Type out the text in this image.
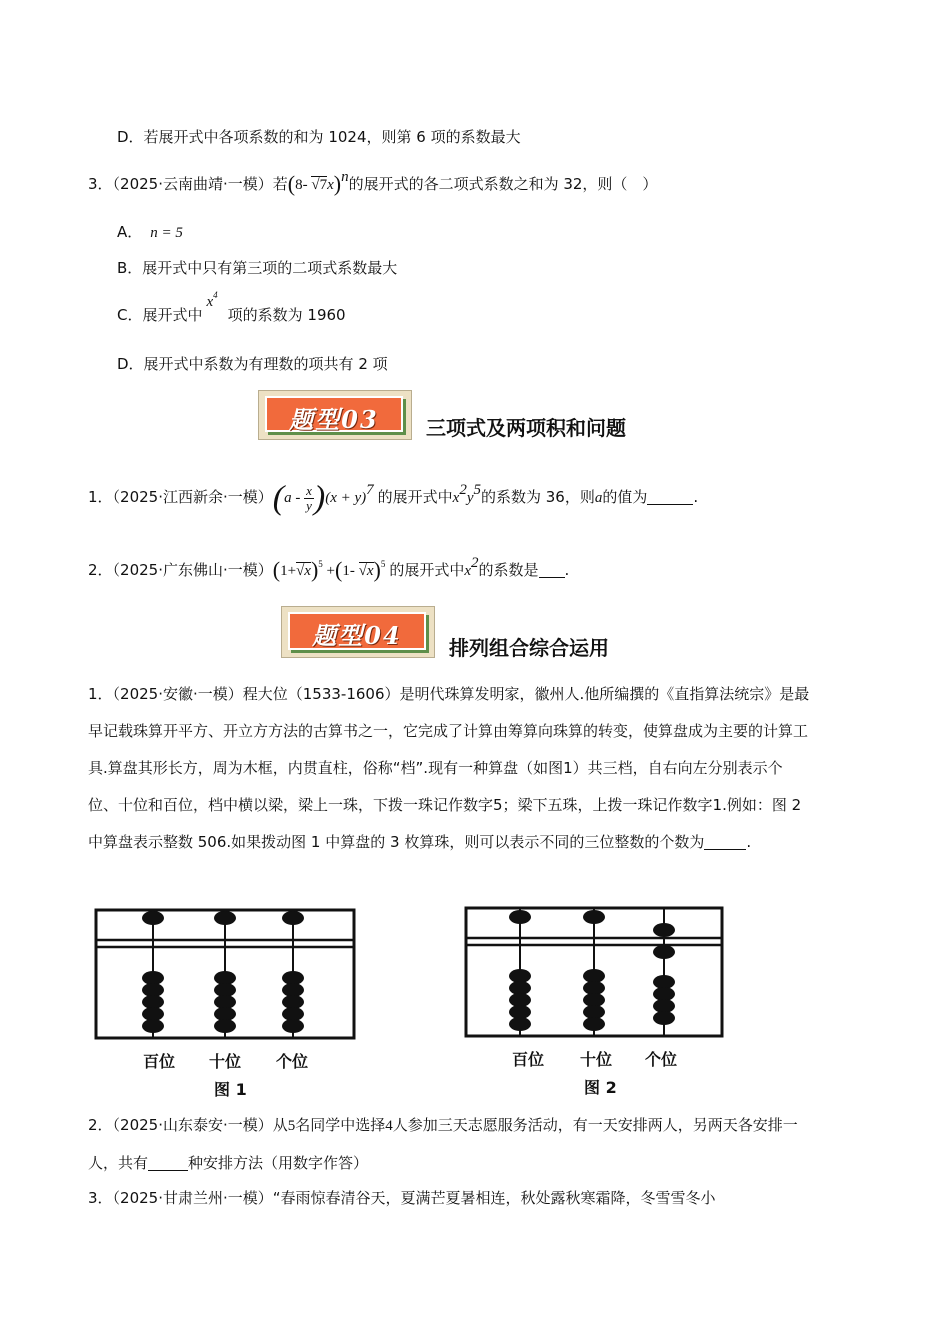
D．若展开式中各项系数的和为 1024，则第 6 项的系数最大
3．（2025·云南曲靖·一模）若(8- √7x)$^n$的展开式的各二项式系数之和为 32，则（　）
A． n = 5
B．展开式中只有第三项的二项式系数最大
C．展开式中$x^4$项的系数为 1960
D．展开式中系数为有理数的项共有 2 项
题型03	三项式及两项积和问题
1．（2025·江西新余·一模）$(a - \frac{x}{y} )(x + y)^7$ 的展开式中$x^2y^5$的系数为 36，则a的值为	.
2．（2025·广东佛山·一模）$(1+√x)^5 +(1-$ √x)$^5$ 的展开式中$x^2$的系数是 .
题型04	排列组合综合运用
1．（2025·安徽·一模）程大位（1533-1606）是明代珠算发明家，徽州人.他所编撰的《直指算法统宗》是最早记载珠算开平方、开立方方法的古算书之一，它完成了计算由筹算向珠算的转变，使算盘成为主要的计算工具.算盘其形长方，周为木框，内贯直柱，俗称“档”.现有一种算盘（如图1）共三档，自右向左分别表示个位、十位和百位，档中横以梁，梁上一珠，下拨一珠记作数字5；梁下五珠，上拨一珠记作数字1.例如：图 2 中算盘表示整数 506.如果拨动图 1 中算盘的 3 枚算珠，则可以表示不同的三位整数的个数为	.
百位 十位 个位
图 1
百位 十位 个位
图 2
2．（2025·山东泰安·一模）从5名同学中选择4人参加三天志愿服务活动，有一天安排两人，另两天各安排一人，共有	种安排方法（用数字作答）
3．（2025·甘肃兰州·一模）“春雨惊春清谷天，夏满芒夏暑相连，秋处露秋寒霜降，冬雪雪冬小
